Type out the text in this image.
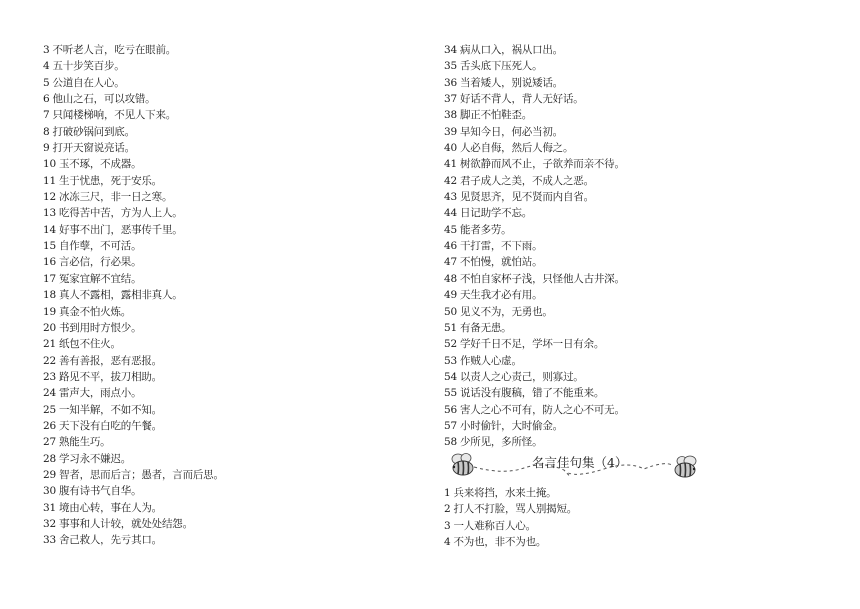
3 不听老人言，吃亏在眼前。
4 五十步笑百步。
5 公道自在人心。
6 他山之石，可以攻错。
7 只闻楼梯响，不见人下来。
8 打破砂锅问到底。
9 打开天窗说亮话。
10 玉不琢，不成器。
11 生于忧患，死于安乐。
12 冰冻三尺，非一日之寒。
13 吃得苦中苦，方为人上人。
14 好事不出门，恶事传千里。
15 自作孽，不可活。
16 言必信，行必果。
17 冤家宜解不宜结。
18 真人不露相，露相非真人。
19 真金不怕火炼。
20 书到用时方恨少。
21 纸包不住火。
22 善有善报，恶有恶报。
23 路见不平，拔刀相助。
24 雷声大，雨点小。
25 一知半解，不如不知。
26 天下没有白吃的午餐。
27 熟能生巧。
28 学习永不嫌迟。
29 智者，思而后言；愚者，言而后思。
30 腹有诗书气自华。
31 境由心转，事在人为。
32 事事和人计较，就处处结怨。
33 舍己救人，先亏其口。
34 病从口入，祸从口出。
35 舌头底下压死人。
36 当着矮人，别说矮话。
37 好话不背人，背人无好话。
38 脚正不怕鞋歪。
39 早知今日，何必当初。
40 人必自侮，然后人侮之。
41 树欲静而风不止，子欲养而亲不待。
42 君子成人之美，不成人之恶。
43 见贤思齐，见不贤而内自省。
44 日记助学不忘。
45 能者多劳。
46 干打雷，不下雨。
47 不怕慢，就怕站。
48 不怕自家杯子浅，只怪他人古井深。
49 天生我才必有用。
50 见义不为，无勇也。
51 有备无患。
52 学好千日不足，学坏一日有余。
53 作贼人心虚。
54 以责人之心责己，则寡过。
55 说话没有腹稿，错了不能重来。
56 害人之心不可有，防人之心不可无。
57 小时偷针，大时偷金。
58 少所见，多所怪。
名言佳句集（4）
1 兵来将挡，水来土掩。
2 打人不打脸，骂人别揭短。
3 一人难称百人心。
4 不为也，非不为也。
